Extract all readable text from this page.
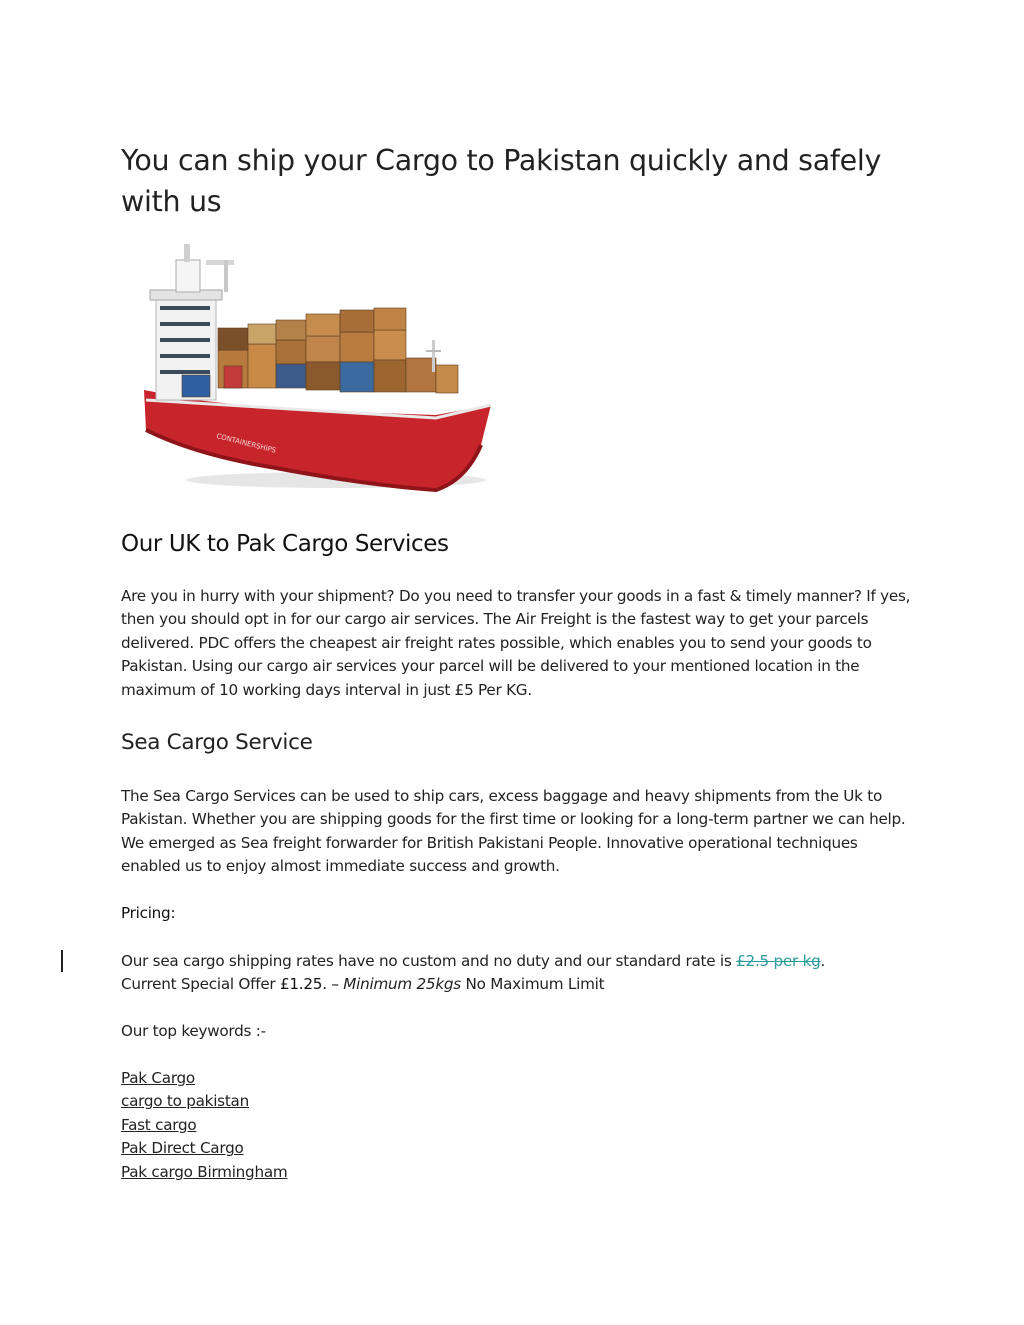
You can ship your Cargo to Pakistan quickly and safely with us
CONTAINERSHIPS
Our UK to Pak Cargo Services

Are you in hurry with your shipment? Do you need to transfer your goods in a fast & timely manner? If yes, then you should opt in for our cargo air services. The Air Freight is the fastest way to get your parcels delivered. PDC offers the cheapest air freight rates possible, which enables you to send your goods to Pakistan. Using our cargo air services your parcel will be delivered to your mentioned location in the maximum of 10 working days interval in just £5 Per KG.

Sea Cargo Service

The Sea Cargo Services can be used to ship cars, excess baggage and heavy shipments from the Uk to Pakistan. Whether you are shipping goods for the first time or looking for a long-term partner we can help. We emerged as Sea freight forwarder for British Pakistani People. Innovative operational techniques enabled us to enjoy almost immediate success and growth.

Pricing:

Our sea cargo shipping rates have no custom and no duty and our standard rate is £2.5 per kg.
Current Special Offer £1.25. – Minimum 25kgs No Maximum Limit

Our top keywords :-

Pak Cargo
cargo to pakistan
Fast cargo
Pak Direct Cargo
Pak cargo Birmingham
